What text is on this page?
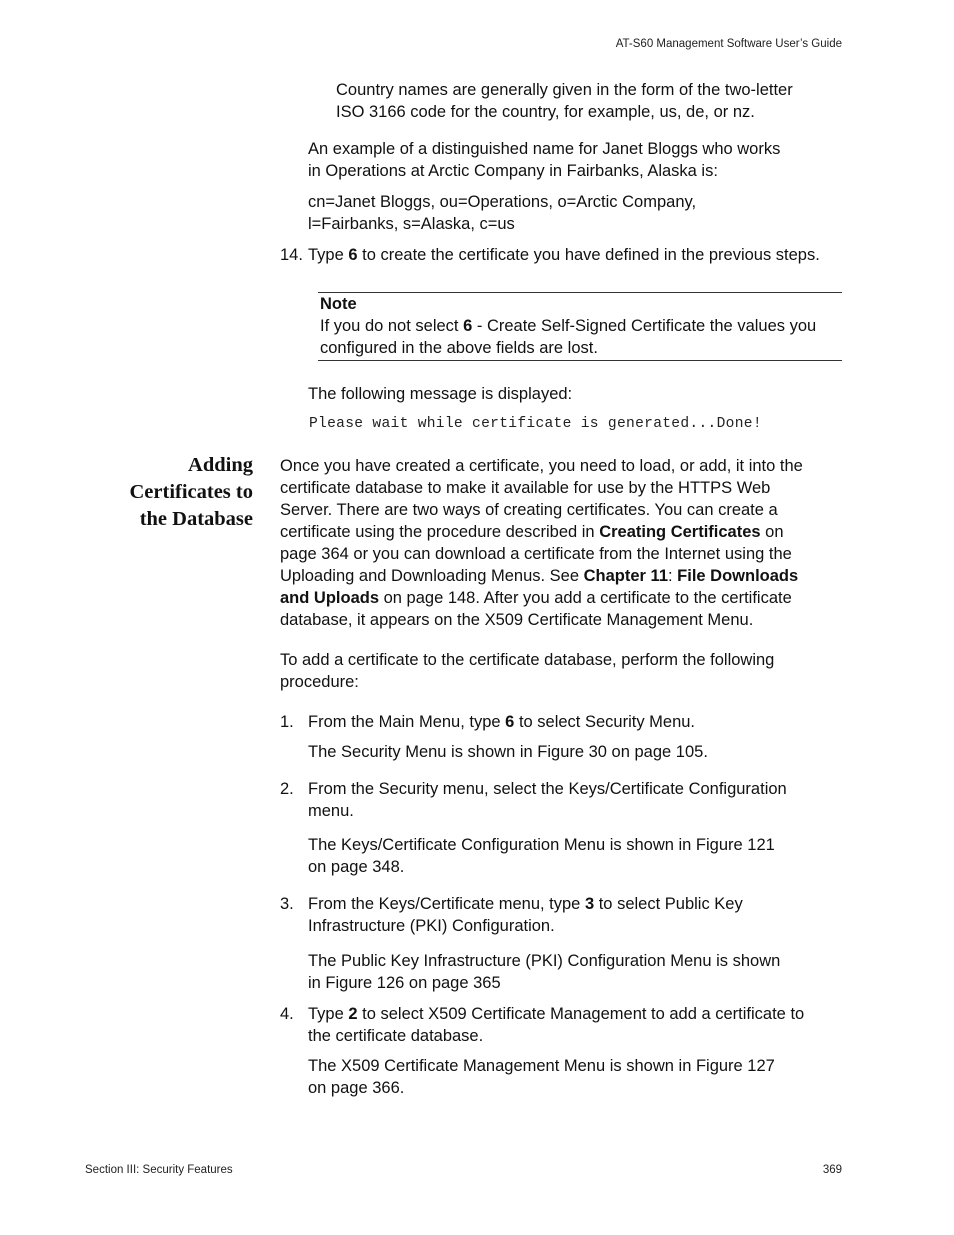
AT-S60 Management Software User’s Guide
Country names are generally given in the form of the two-letter
ISO 3166 code for the country, for example, us, de, or nz.
An example of a distinguished name for Janet Bloggs who works
in Operations at Arctic Company in Fairbanks, Alaska is:
cn=Janet Bloggs, ou=Operations, o=Arctic Company,
l=Fairbanks, s=Alaska, c=us
14. Type 6 to create the certificate you have defined in the previous steps.
Note
If you do not select 6 - Create Self-Signed Certificate the values you
configured in the above fields are lost.
The following message is displayed:
Please wait while certificate is generated...Done!
Adding
Certificates to
the Database
Once you have created a certificate, you need to load, or add, it into the
certificate database to make it available for use by the HTTPS Web
Server. There are two ways of creating certificates. You can create a
certificate using the procedure described in Creating Certificates on
page 364 or you can download a certificate from the Internet using the
Uploading and Downloading Menus. See Chapter 11: File Downloads
and Uploads on page 148. After you add a certificate to the certificate
database, it appears on the X509 Certificate Management Menu.
To add a certificate to the certificate database, perform the following
procedure:
1. From the Main Menu, type 6 to select Security Menu.
The Security Menu is shown in Figure 30 on page 105.
2. From the Security menu, select the Keys/Certificate Configuration
menu.
The Keys/Certificate Configuration Menu is shown in Figure 121
on page 348.
3. From the Keys/Certificate menu, type 3 to select Public Key
Infrastructure (PKI) Configuration.
The Public Key Infrastructure (PKI) Configuration Menu is shown
in Figure 126 on page 365
4. Type 2 to select X509 Certificate Management to add a certificate to
the certificate database.
The X509 Certificate Management Menu is shown in Figure 127
on page 366.
Section III: Security Features	369
